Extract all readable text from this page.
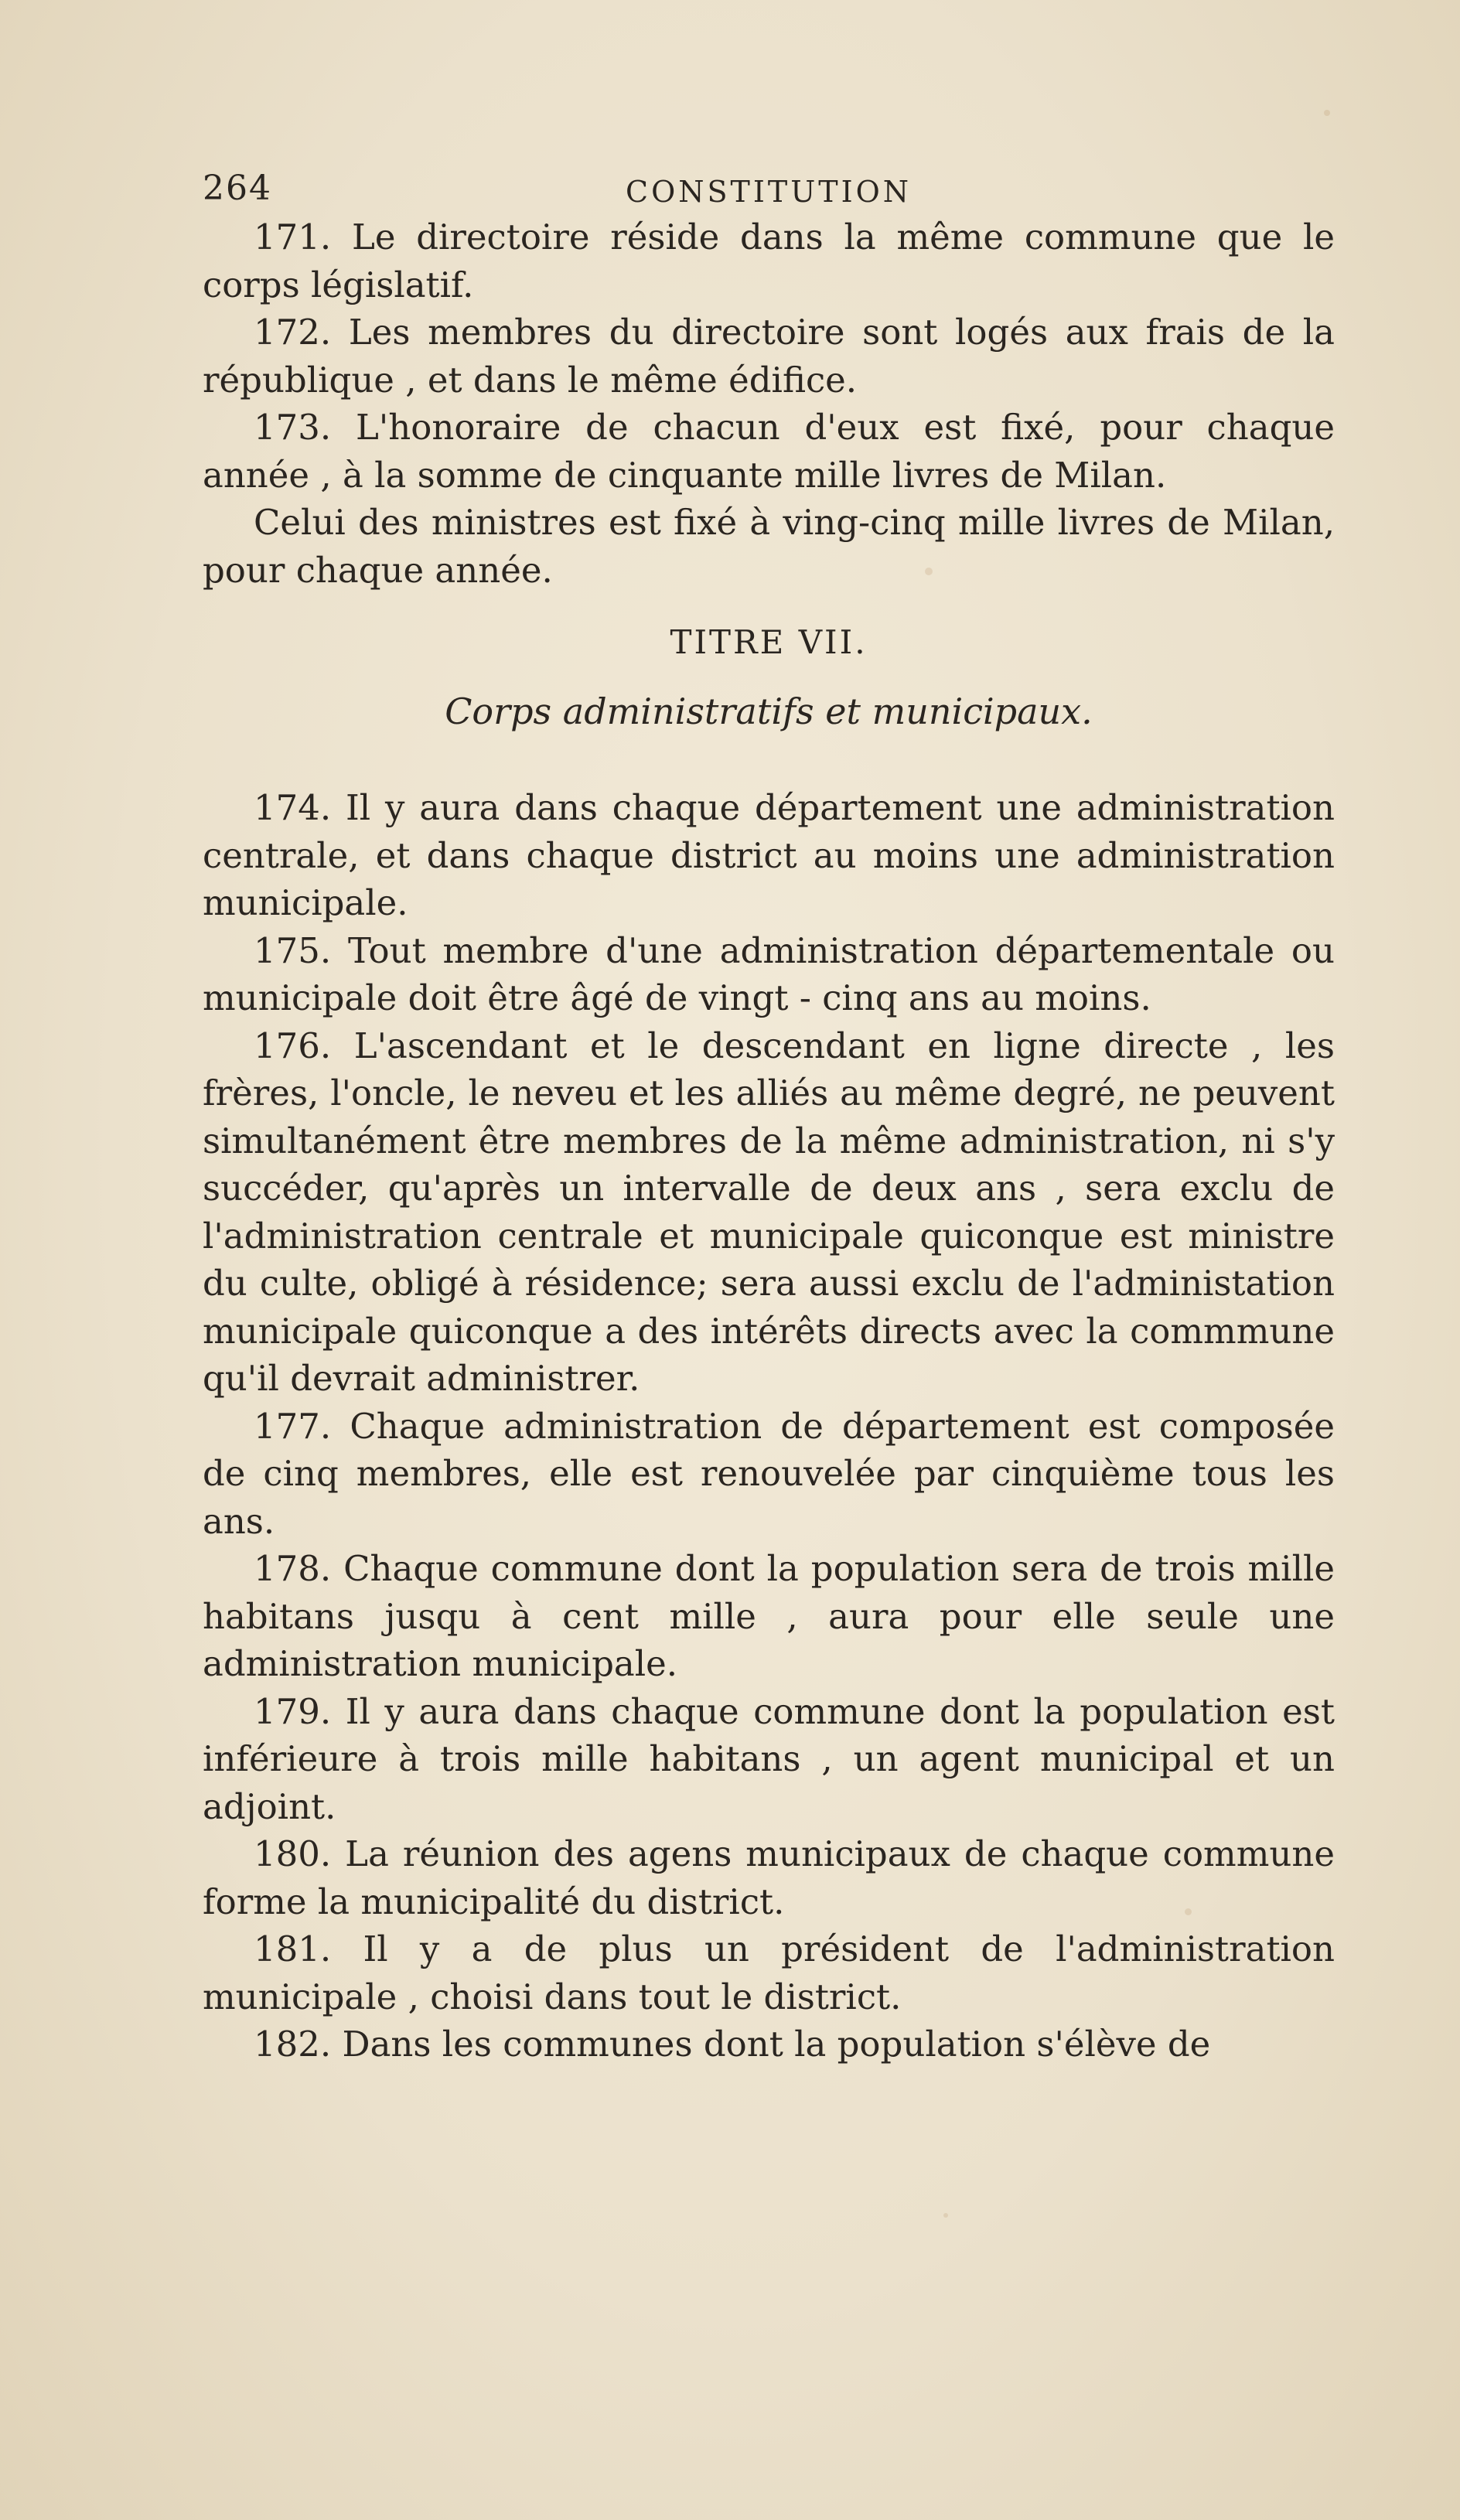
264	CONSTITUTION

171. Le directoire réside dans la même commune que le corps législatif.

172. Les membres du directoire sont logés aux frais de la république , et dans le même édifice.

173. L'honoraire de chacun d'eux est fixé, pour chaque année , à la somme de cinquante mille livres de Milan.

Celui des ministres est fixé à ving-cinq mille livres de Milan, pour chaque année.

TITRE VII.
Corps administratifs et municipaux.

174. Il y aura dans chaque département une administration centrale, et dans chaque district au moins une administration municipale.

175. Tout membre d'une administration départementale ou municipale doit être âgé de vingt - cinq ans au moins.

176. L'ascendant et le descendant en ligne directe , les frères, l'oncle, le neveu et les alliés au même degré, ne peuvent simultanément être membres de la même administration, ni s'y succéder, qu'après un intervalle de deux ans , sera exclu de l'administration centrale et municipale quiconque est ministre du culte, obligé à résidence; sera aussi exclu de l'administation municipale quiconque a des intérêts directs avec la commmune qu'il devrait administrer.

177. Chaque administration de département est composée de cinq membres, elle est renouvelée par cinquième tous les ans.

178. Chaque commune dont la population sera de trois mille habitans jusqu à cent mille , aura pour elle seule une administration municipale.

179. Il y aura dans chaque commune dont la population est inférieure à trois mille habitans , un agent municipal et un adjoint.

180. La réunion des agens municipaux de chaque commune forme la municipalité du district.

181. Il y a de plus un président de l'administration municipale , choisi dans tout le district.

182. Dans les communes dont la population s'élève de
